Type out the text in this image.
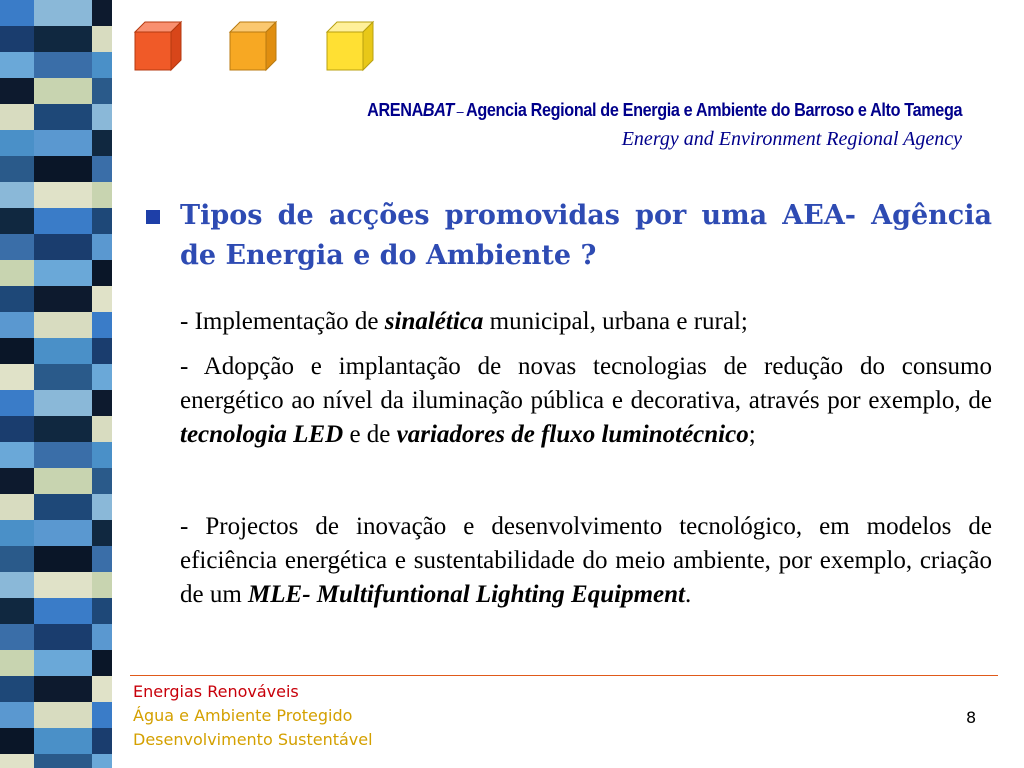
ARENABAT – Agencia Regional de Energia e Ambiente do Barroso e Alto Tamega
Energy and Environment Regional Agency
Tipos de acções promovidas por uma AEA- Agência de Energia e do Ambiente ?
- Implementação de sinalética municipal, urbana e rural;
- Adopção e implantação de novas tecnologias de redução do consumo energético ao nível da iluminação pública e decorativa, através por exemplo, de tecnologia LED e de variadores de fluxo luminotécnico;
- Projectos de inovação e desenvolvimento tecnológico, em modelos de eficiência energética e sustentabilidade do meio ambiente, por exemplo, criação de um MLE- Multifuntional Lighting Equipment.
Energias Renováveis
Água e Ambiente Protegido
Desenvolvimento Sustentável
8
